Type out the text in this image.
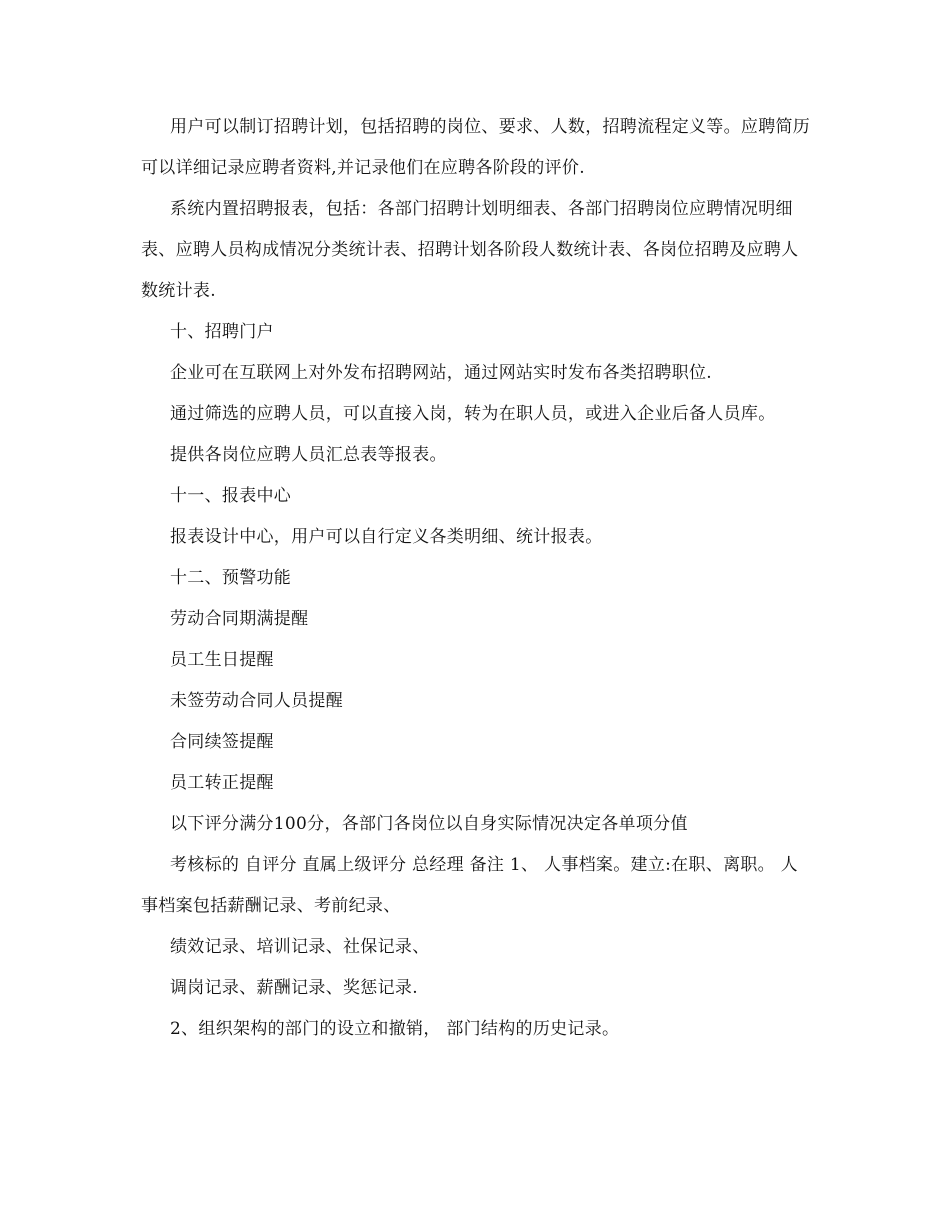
用户可以制订招聘计划，包括招聘的岗位、要求、人数，招聘流程定义等。应聘简历可以详细记录应聘者资料,并记录他们在应聘各阶段的评价.

系统内置招聘报表，包括：各部门招聘计划明细表、各部门招聘岗位应聘情况明细表、应聘人员构成情况分类统计表、招聘计划各阶段人数统计表、各岗位招聘及应聘人数统计表.

十、招聘门户

企业可在互联网上对外发布招聘网站，通过网站实时发布各类招聘职位.

通过筛选的应聘人员，可以直接入岗，转为在职人员，或进入企业后备人员库。

提供各岗位应聘人员汇总表等报表。

十一、报表中心

报表设计中心，用户可以自行定义各类明细、统计报表。

十二、预警功能

劳动合同期满提醒

员工生日提醒

未签劳动合同人员提醒

合同续签提醒

员工转正提醒

以下评分满分100分，各部门各岗位以自身实际情况决定各单项分值

考核标的 自评分 直属上级评分 总经理 备注 1、 人事档案。建立:在职、离职。 人事档案包括薪酬记录、考前纪录、

绩效记录、培训记录、社保记录、

调岗记录、薪酬记录、奖惩记录.

2、组织架构的部门的设立和撤销， 部门结构的历史记录。
